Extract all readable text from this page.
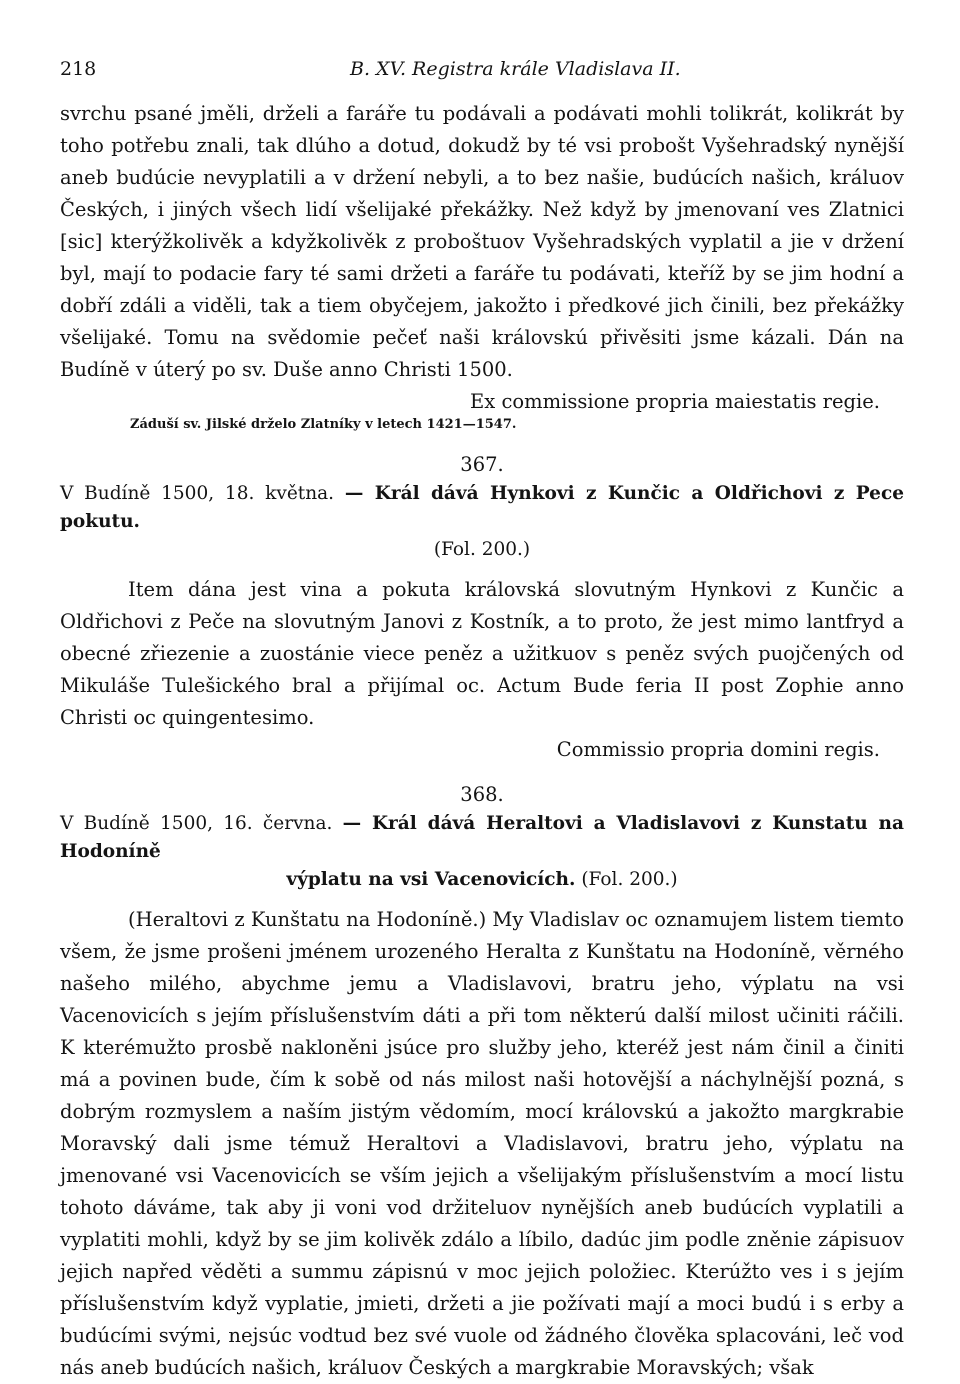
218	B. XV. Registra krále Vladislava II.

svrchu psané jměli, drželi a faráře tu podávali a podávati mohli tolikrát, kolikrát by toho potřebu znali, tak dlúho a dotud, dokudž by té vsi probošt Vyšehradský nynější aneb budúcie nevyplatili a v držení nebyli, a to bez našie, budúcích našich, králuov Českých, i jiných všech lidí všelijaké překážky. Než když by jmenovaní ves Zlatnici [sic] kterýžkolivěk a kdyžkolivěk z proboštuov Vyšehradských vyplatil a jie v držení byl, mají to podacie fary té sami držeti a faráře tu podávati, kteříž by se jim hodní a dobří zdáli a viděli, tak a tiem obyčejem, jakožto i předkové jich činili, bez překážky všelijaké. Tomu na svědomie pečeť naši královskú přivěsiti jsme kázali. Dán na Budíně v úterý po sv. Duše anno Christi 1500.

Ex commissione propria maiestatis regie.
Záduší sv. Jilské drželo Zlatníky v letech 1421—1547.
367.

V Budíně 1500, 18. května. — Král dává Hynkovi z Kunčic a Oldřichovi z Pece pokutu.
(Fol. 200.)

Item dána jest vina a pokuta královská slovutným Hynkovi z Kunčic a Oldřichovi z Peče na slovutným Janovi z Kostník, a to proto, že jest mimo lantfryd a obecné zřiezenie a zuostánie viece peněz a užitkuov s peněz svých puojčených od Mikuláše Tulešického bral a přijímal oc. Actum Bude feria II post Zophie anno Christi oc quingentesimo.

Commissio propria domini regis.
368.

V Budíně 1500, 16. června. — Král dává Heraltovi a Vladislavovi z Kunstatu na Hodoníně
výplatu na vsi Vacenovicích. (Fol. 200.)

(Heraltovi z Kunštatu na Hodoníně.) My Vladislav oc oznamujem listem tiemto všem, že jsme prošeni jménem urozeného Heralta z Kunštatu na Hodoníně, věrného našeho milého, abychme jemu a Vladislavovi, bratru jeho, výplatu na vsi Vacenovicích s jejím příslušenstvím dáti a při tom některú další milost učiniti ráčili. K kterémužto prosbě nakloněni jsúce pro služby jeho, kteréž jest nám činil a činiti má a povinen bude, čím k sobě od nás milost naši hotovější a náchylnější pozná, s dobrým rozmyslem a naším jistým vědomím, mocí královskú a jakožto margkrabie Moravský dali jsme témuž Heraltovi a Vladislavovi, bratru jeho, výplatu na jmenované vsi Vacenovicích se vším jejich a všelijakým příslušenstvím a mocí listu tohoto dáváme, tak aby ji voni vod držiteluov nynějších aneb budúcích vyplatili a vyplatiti mohli, když by se jim kolivěk zdálo a líbilo, dadúc jim podle zněnie zápisuov jejich napřed věděti a summu zápisnú v moc jejich položiec. Kterúžto ves i s jejím příslušenstvím když vyplatie, jmieti, držeti a jie požívati mají a moci budú i s erby a budúcími svými, nejsúc vodtud bez své vuole od žádného člověka splacováni, leč vod nás aneb budúcích našich, králuov Českých a margkrabie Moravských; však
